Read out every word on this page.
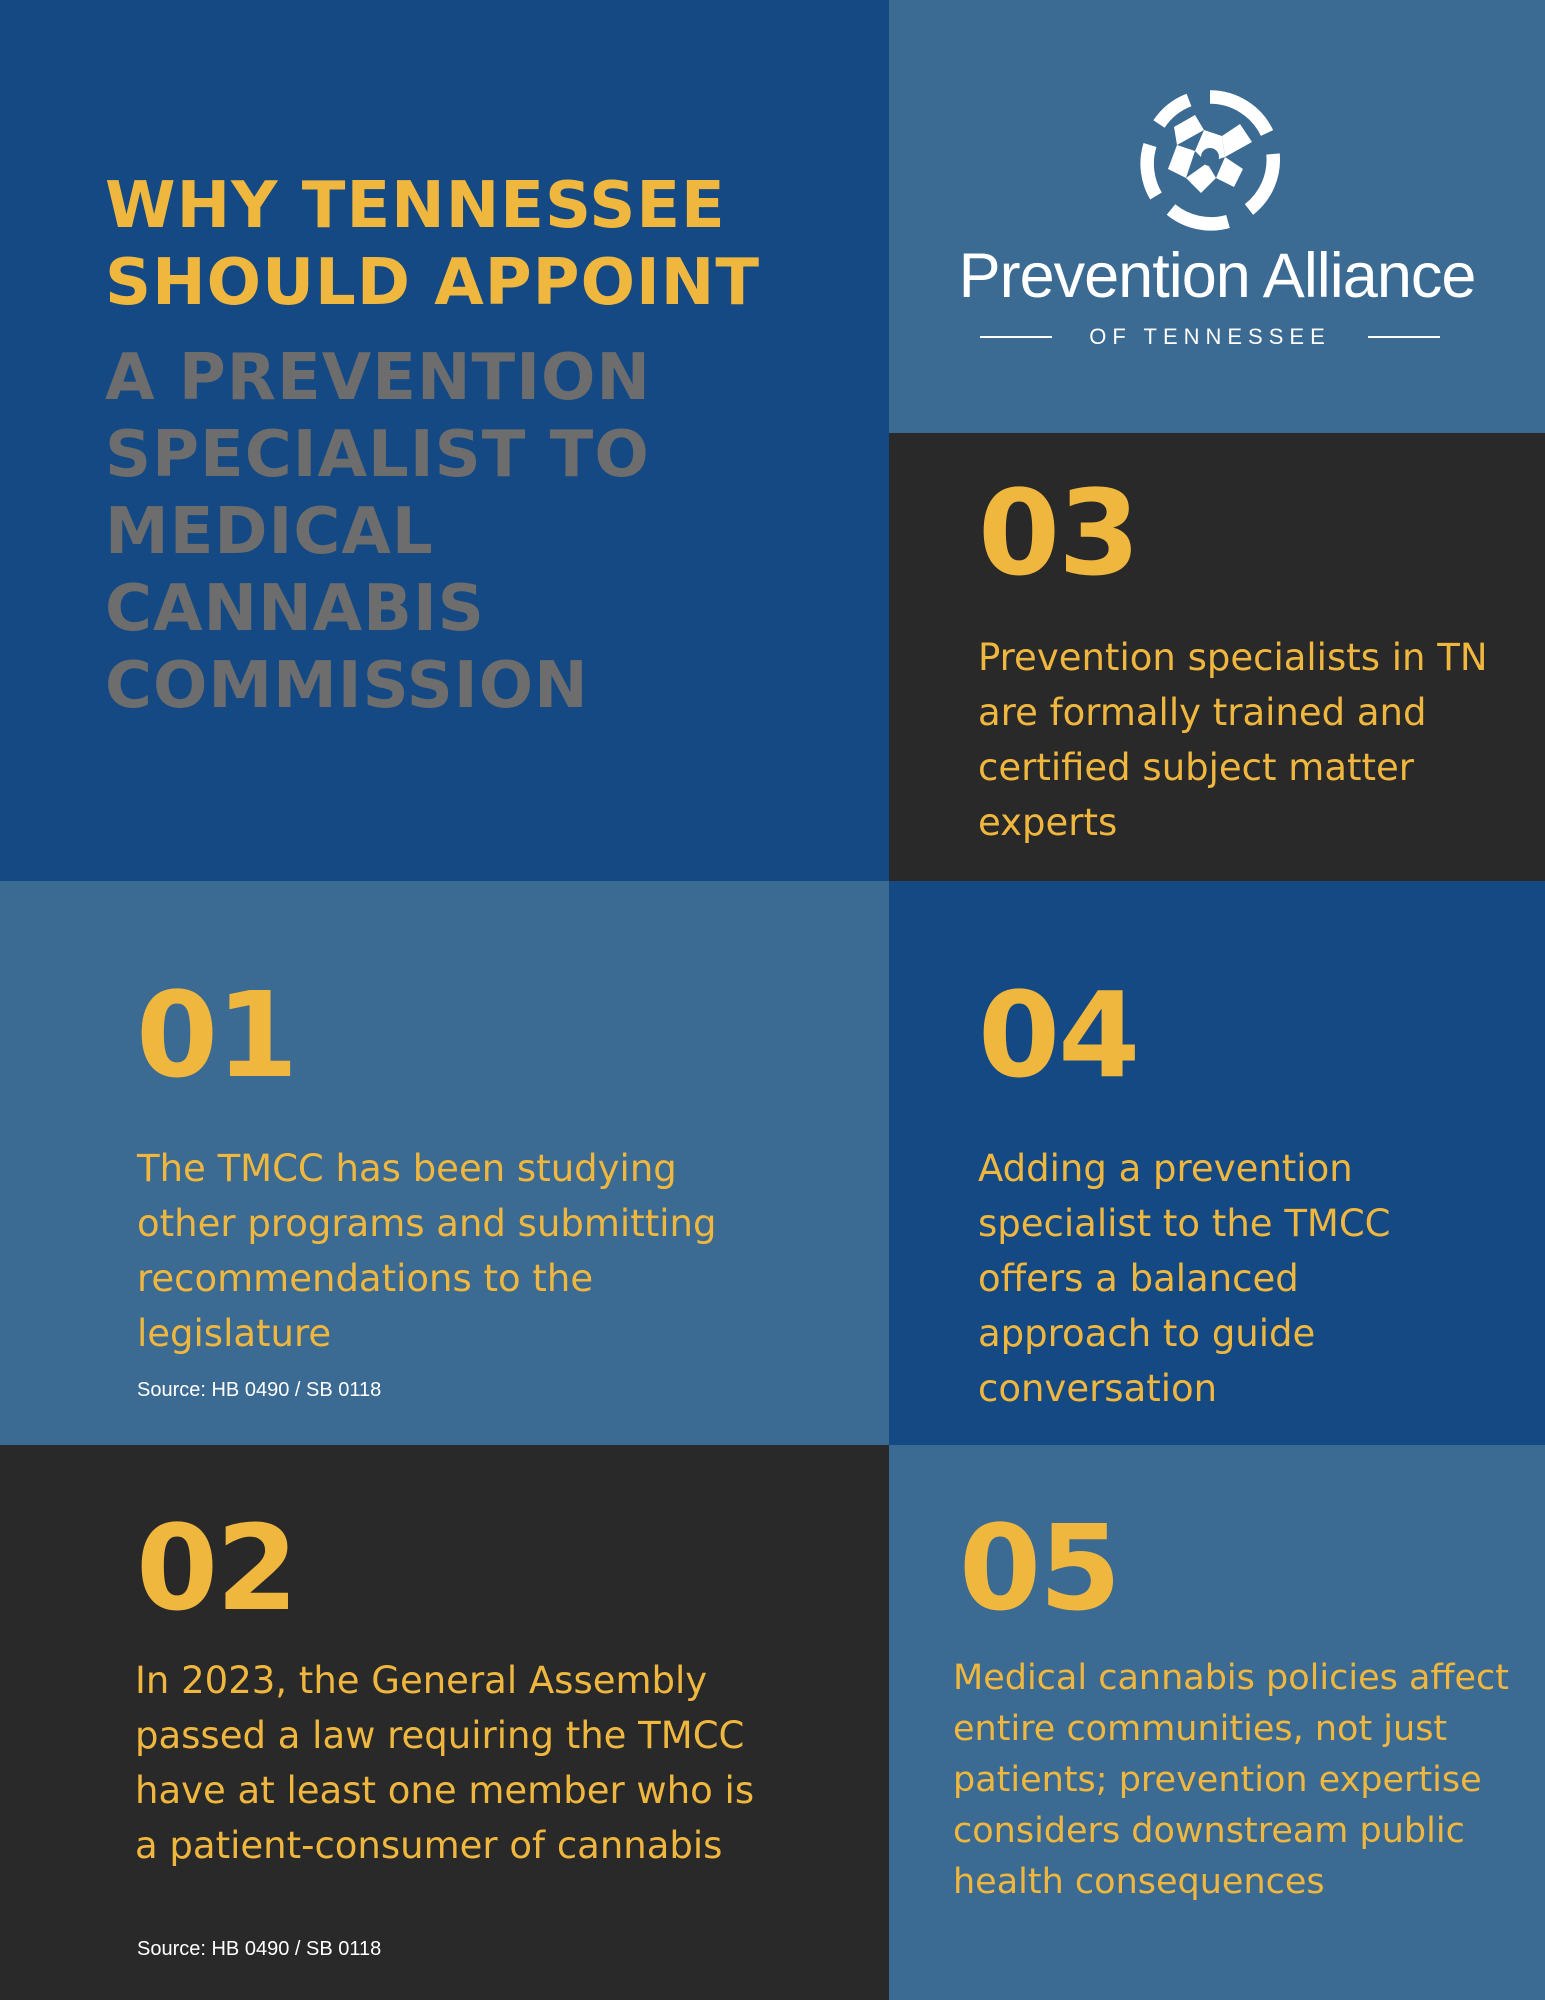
WHY TENNESSEE
SHOULD APPOINT
A PREVENTION
SPECIALIST TO
MEDICAL
CANNABIS
COMMISSION

Prevention Alliance

OF TENNESSEE

03

Prevention specialists in TN are formally trained and certified subject matter experts

01

The TMCC has been studying other programs and submitting recommendations to the legislature

Source: HB 0490 / SB 0118

04

Adding a prevention specialist to the TMCC offers a balanced approach to guide conversation

02

In 2023, the General Assembly passed a law requiring the TMCC have at least one member who is a patient-consumer of cannabis

Source: HB 0490 / SB 0118

05

Medical cannabis policies affect entire communities, not just patients; prevention expertise considers downstream public health consequences
